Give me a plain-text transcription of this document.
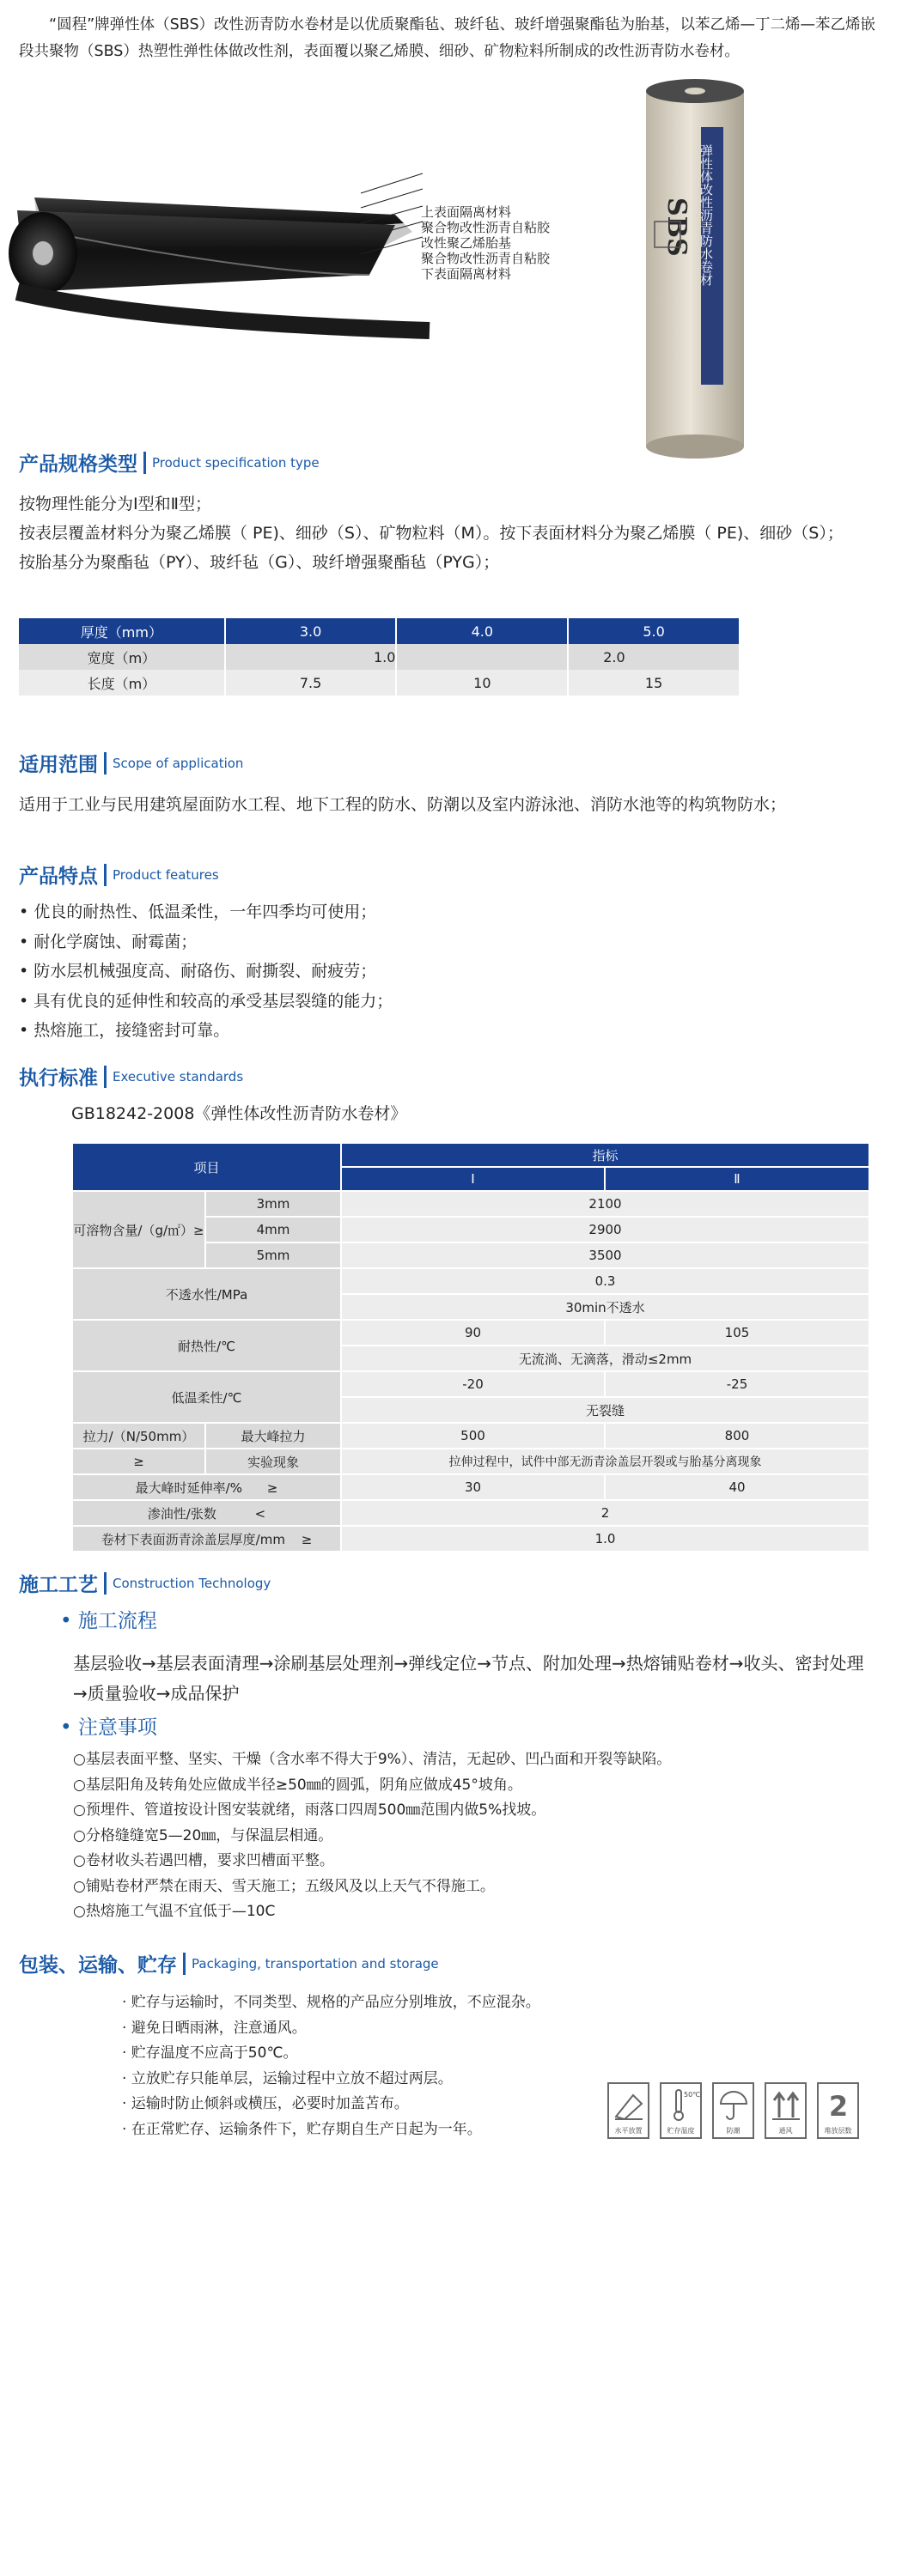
“圆程”牌弹性体（SBS）改性沥青防水卷材是以优质聚酯毡、玻纤毡、玻纤增强聚酯毡为胎基，以苯乙烯—丁二烯—苯乙烯嵌段共聚物（SBS）热塑性弹性体做改性剂，表面覆以聚乙烯膜、细砂、矿物粒料所制成的改性沥青防水卷材。

上表面隔离材料
聚合物改性沥青自粘胶
改性聚乙烯胎基
聚合物改性沥青自粘胶
下表面隔离材料
SBS 弹性体改性沥青防水卷材
产品规格类型 Product specification type
按物理性能分为Ⅰ型和Ⅱ型；
按表层覆盖材料分为聚乙烯膜（ PE)、细砂（S）、矿物粒料（M）。按下表面材料分为聚乙烯膜（ PE)、细砂（S）；
按胎基分为聚酯毡（PY）、玻纤毡（G）、玻纤增强聚酯毡（PYG）；
厚度（mm）	3.0	4.0	5.0
宽度（m）	1.0		2.0
长度（m）	7.5	10	15
适用范围 Scope of application

适用于工业与民用建筑屋面防水工程、地下工程的防水、防潮以及室内游泳池、消防水池等的构筑物防水；

产品特点 Product features
• 优良的耐热性、低温柔性，一年四季均可使用；
• 耐化学腐蚀、耐霉菌；
• 防水层机械强度高、耐硌伤、耐撕裂、耐疲劳；
• 具有优良的延伸性和较高的承受基层裂缝的能力；
• 热熔施工，接缝密封可靠。
执行标准 Executive standards
GB18242-2008《弹性体改性沥青防水卷材》
项目		指标	
		Ⅰ	Ⅱ
可溶物含量/（g/㎡）≥	3mm	2100	
	4mm	2900	
	5mm	3500	
不透水性/MPa		0.3	
		30min不透水	
耐热性/℃		90	105
		无流淌、无滴落，滑动≤2mm	
低温柔性/℃		-20	-25
		无裂缝	
拉力/（N/50mm）	最大峰拉力	500	800
≥	实验现象	拉伸过程中，试件中部无沥青涂盖层开裂或与胎基分离现象	
最大峰时延伸率/% ≥		30	40
渗油性/张数 <		2	
卷材下表面沥青涂盖层厚度/mm ≥		1.0	
施工工艺 Construction Technology
• 施工流程

基层验收→基层表面清理→涂刷基层处理剂→弹线定位→节点、附加处理→热熔铺贴卷材→收头、密封处理→质量验收→成品保护

• 注意事项
○基层表面平整、坚实、干燥（含水率不得大于9%）、清洁，无起砂、凹凸面和开裂等缺陷。
○基层阳角及转角处应做成半径≥50㎜的圆弧，阴角应做成45°坡角。
○预埋件、管道按设计图安装就绪，雨落口四周500㎜范围内做5%找坡。
○分格缝缝宽5—20㎜，与保温层相通。
○卷材收头若遇凹槽，要求凹槽面平整。
○铺贴卷材严禁在雨天、雪天施工；五级风及以上天气不得施工。
○热熔施工气温不宜低于—10C
包装、运输、贮存 Packaging, transportation and storage
· 贮存与运输时，不同类型、规格的产品应分别堆放，不应混杂。
· 避免日晒雨淋，注意通风。
· 贮存温度不应高于50℃。
· 立放贮存只能单层，运输过程中立放不超过两层。
· 运输时防止倾斜或横压，必要时加盖苫布。
· 在正常贮存、运输条件下，贮存期自生产日起为一年。	水平放置
50℃
贮存温度	防潮	通风
2
堆放层数
